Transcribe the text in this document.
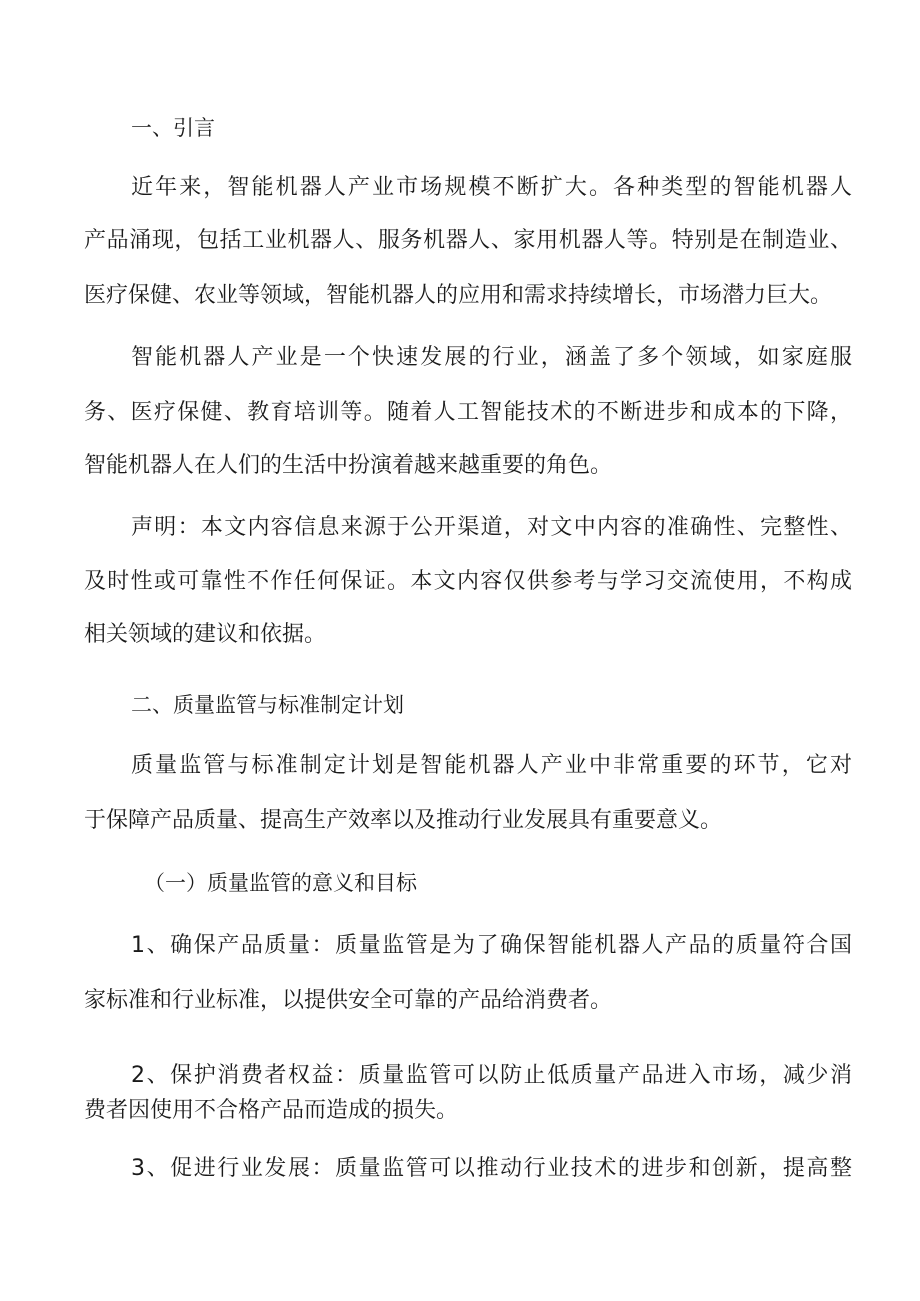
一、引言
近年来，智能机器人产业市场规模不断扩大。各种类型的智能机器人
产品涌现，包括工业机器人、服务机器人、家用机器人等。特别是在制造业、
医疗保健、农业等领域，智能机器人的应用和需求持续增长，市场潜力巨大。
智能机器人产业是一个快速发展的行业，涵盖了多个领域，如家庭服
务、医疗保健、教育培训等。随着人工智能技术的不断进步和成本的下降，
智能机器人在人们的生活中扮演着越来越重要的角色。
声明：本文内容信息来源于公开渠道，对文中内容的准确性、完整性、
及时性或可靠性不作任何保证。本文内容仅供参考与学习交流使用，不构成
相关领域的建议和依据。
二、质量监管与标准制定计划
质量监管与标准制定计划是智能机器人产业中非常重要的环节，它对
于保障产品质量、提高生产效率以及推动行业发展具有重要意义。
（一）质量监管的意义和目标
1、确保产品质量：质量监管是为了确保智能机器人产品的质量符合国
家标准和行业标准，以提供安全可靠的产品给消费者。
2、保护消费者权益：质量监管可以防止低质量产品进入市场，减少消
费者因使用不合格产品而造成的损失。
3、促进行业发展：质量监管可以推动行业技术的进步和创新，提高整
